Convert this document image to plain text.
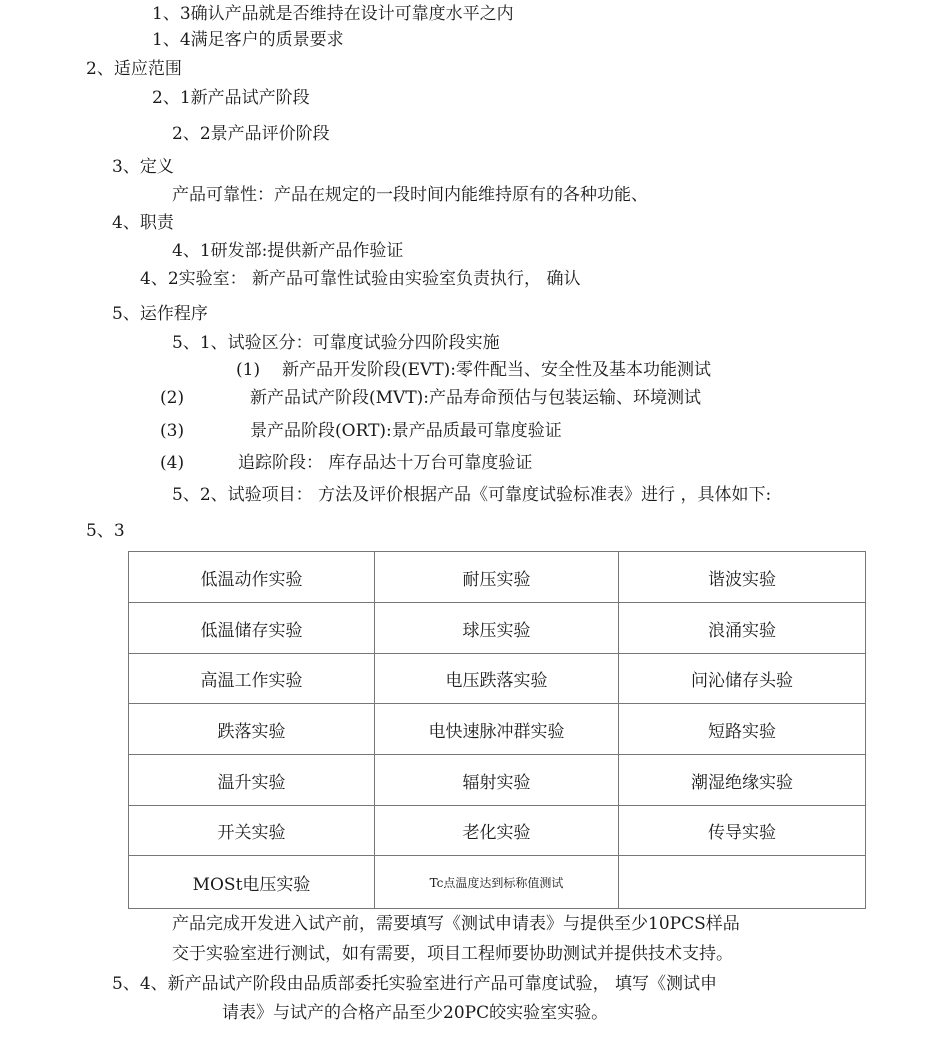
1、3确认产品就是否维持在设计可靠度水平之内
1、4满足客户的质景要求
2、适应范围
2、1新产品试产阶段
2、2景产品评价阶段
3、定义
产品可靠性：产品在规定的一段时间内能维持原有的各种功能、
4、职责
4、1研发部:提供新产品作验证
4、2实验室： 新产品可靠性试验由实验室负责执行， 确认
5、运作程序
5、1、试验区分：可靠度试验分四阶段实施
(1) 新产品开发阶段(EVT):零件配当、安全性及基本功能测试
(2)	新产品试产阶段(MVT):产品寿命预估与包装运输、环境测试
(3)	景产品阶段(ORT):景产品质最可靠度验证
(4)	追踪阶段： 库存品达十万台可靠度验证
5、2、试验项目： 方法及评价根据产品《可靠度试验标准表》进行 ，具体如下:
5、3
低温动作实验	耐压实验	谐波实验
低温储存实验	球压实验	浪涌实验
高温工作实验	电压跌落实验	问沁储存头验
跌落实验	电快速脉冲群实验	短路实验
温升实验	辐射实验	潮湿绝缘实验
开关实验	老化实验	传导实验
MOSt电压实验	Tc点温度达到标称值测试	
产品完成开发进入试产前，需要填写《测试申请表》与提供至少10PCS样品
交于实验室进行测试，如有需要，项目工程师要协助测试并提供技术支持。
5、4、新产品试产阶段由品质部委托实验室进行产品可靠度试验， 填写《测试申
请表》与试产的合格产品至少20PC皎实验室实验。
